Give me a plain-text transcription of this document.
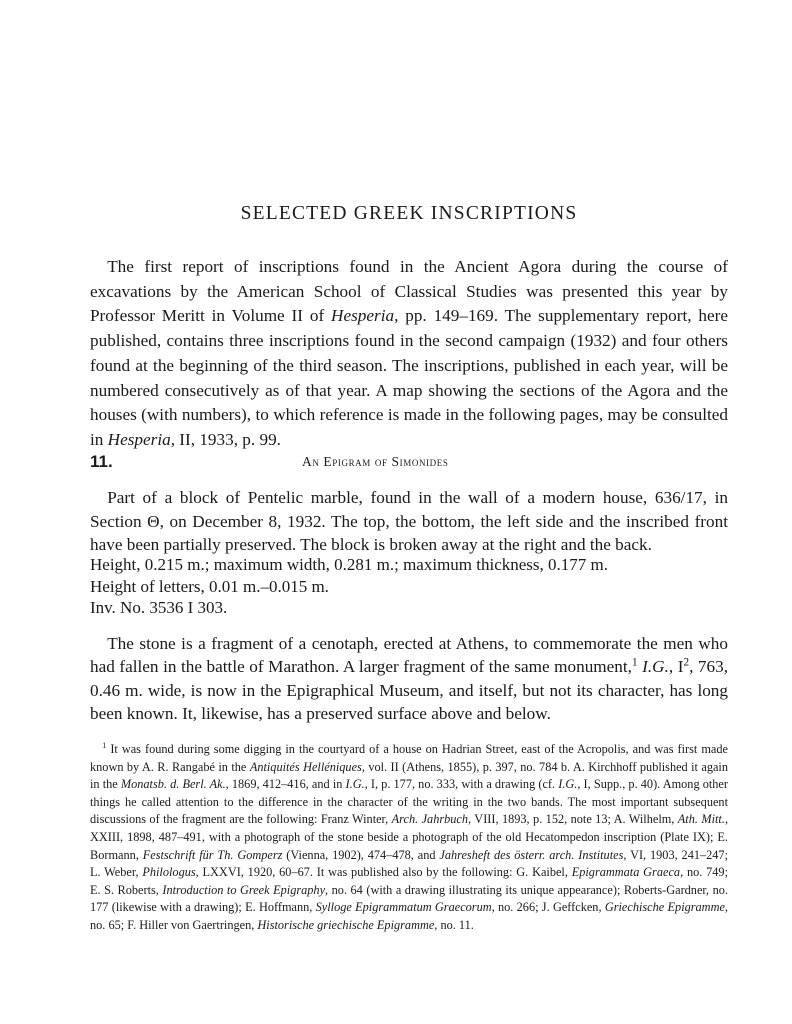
SELECTED GREEK INSCRIPTIONS

 The first report of inscriptions found in the Ancient Agora during the course of excavations by the American School of Classical Studies was presented this year by Professor Meritt in Volume II of Hesperia, pp. 149–169. The supplementary report, here published, contains three inscriptions found in the second campaign (1932) and four others found at the beginning of the third season. The inscriptions, published in each year, will be numbered consecutively as of that year. A map showing the sections of the Agora and the houses (with numbers), to which reference is made in the following pages, may be consulted in Hesperia, II, 1933, p. 99.

11.	An Epigram of Simonides

 Part of a block of Pentelic marble, found in the wall of a modern house, 636/17, in Section Θ, on December 8, 1932. The top, the bottom, the left side and the inscribed front have been partially preserved. The block is broken away at the right and the back.

Height, 0.215 m.; maximum width, 0.281 m.; maximum thickness, 0.177 m.
Height of letters, 0.01 m.–0.015 m.
Inv. No. 3536 I 303.

 The stone is a fragment of a cenotaph, erected at Athens, to commemorate the men who had fallen in the battle of Marathon. A larger fragment of the same monument,$^1$ I.G., $I^2$, 763, 0.46 m. wide, is now in the Epigraphical Museum, and itself, but not its character, has long been known. It, likewise, has a preserved surface above and below.

 $^1$ It was found during some digging in the courtyard of a house on Hadrian Street, east of the Acropolis, and was first made known by A. R. Rangabé in the Antiquités Helléniques, vol. II (Athens, 1855), p. 397, no. 784 b. A. Kirchhoff published it again in the Monatsb. d. Berl. Ak., 1869, 412–416, and in I.G., I, p. 177, no. 333, with a drawing (cf. I.G., I, Supp., p. 40). Among other things he called attention to the difference in the character of the writing in the two bands. The most important subsequent discussions of the fragment are the following: Franz Winter, Arch. Jahrbuch, VIII, 1893, p. 152, note 13; A. Wilhelm, Ath. Mitt., XXIII, 1898, 487–491, with a photograph of the stone beside a photograph of the old Hecatompedon inscription (Plate IX); E. Bormann, Festschrift für Th. Gomperz (Vienna, 1902), 474–478, and Jahresheft des österr. arch. Institutes, VI, 1903, 241–247; L. Weber, Philologus, LXXVI, 1920, 60–67. It was published also by the following: G. Kaibel, Epigrammata Graeca, no. 749; E. S. Roberts, Introduction to Greek Epigraphy, no. 64 (with a drawing illustrating its unique appearance); Roberts-Gardner, no. 177 (likewise with a drawing); E. Hoffmann, Sylloge Epigrammatum Graecorum, no. 266; J. Geffcken, Griechische Epigramme, no. 65; F. Hiller von Gaertringen, Historische griechische Epigramme, no. 11.
